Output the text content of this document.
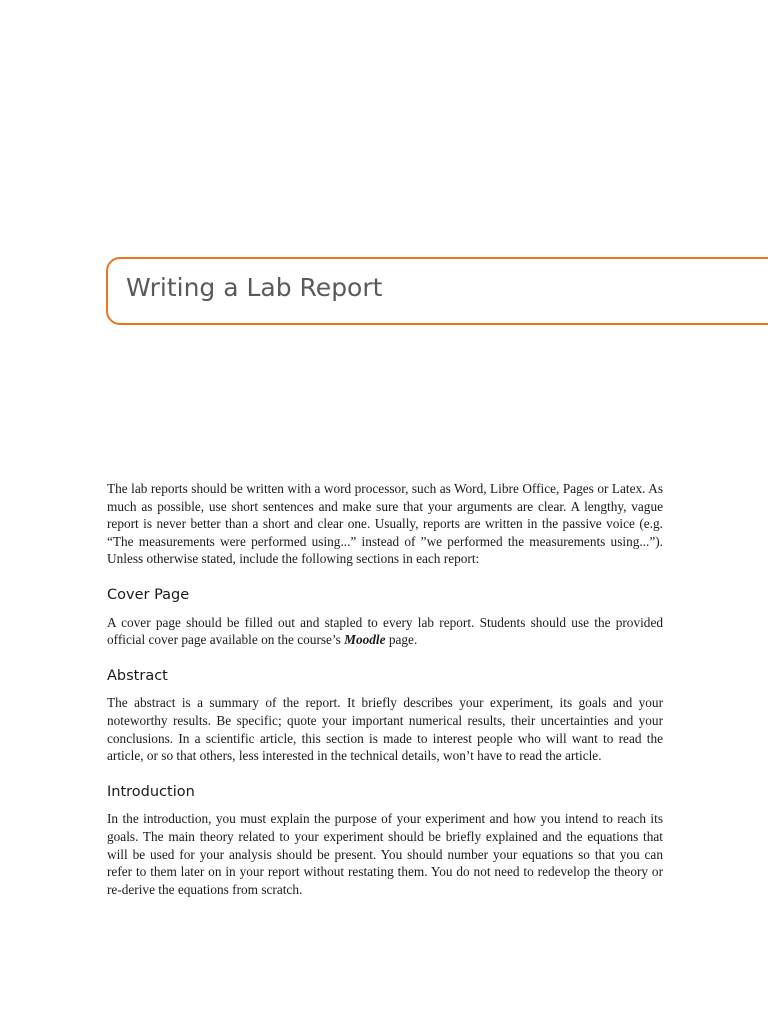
Writing a Lab Report

The lab reports should be written with a word processor, such as Word, Libre Office, Pages or Latex. As much as possible, use short sentences and make sure that your arguments are clear. A lengthy, vague report is never better than a short and clear one. Usually, reports are written in the passive voice (e.g. “The measurements were performed using...” instead of ”we performed the measurements using...”). Unless otherwise stated, include the following sections in each report:

Cover Page

A cover page should be filled out and stapled to every lab report. Students should use the provided official cover page available on the course’s Moodle page.

Abstract

The abstract is a summary of the report. It briefly describes your experiment, its goals and your noteworthy results. Be specific; quote your important numerical results, their uncertainties and your conclusions. In a scientific article, this section is made to interest people who will want to read the article, or so that others, less interested in the technical details, won’t have to read the article.

Introduction

In the introduction, you must explain the purpose of your experiment and how you intend to reach its goals. The main theory related to your experiment should be briefly explained and the equations that will be used for your analysis should be present. You should number your equations so that you can refer to them later on in your report without restating them. You do not need to redevelop the theory or re-derive the equations from scratch.
